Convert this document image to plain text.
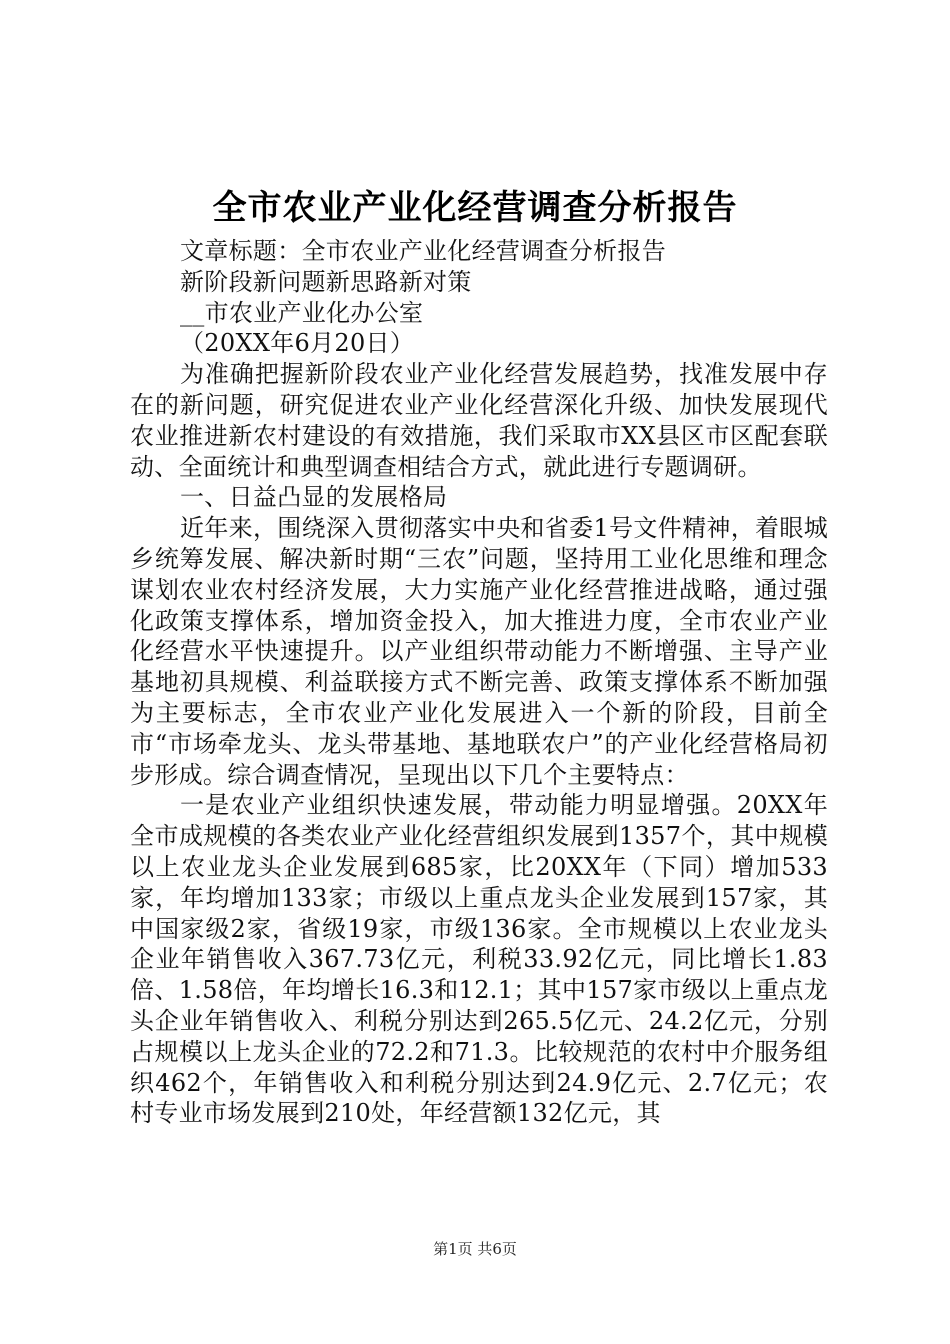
全市农业产业化经营调查分析报告

文章标题：全市农业产业化经营调查分析报告

新阶段新问题新思路新对策

__市农业产业化办公室

（20XX年6月20日）

为准确把握新阶段农业产业化经营发展趋势，找准发展中存在的新问题，研究促进农业产业化经营深化升级、加快发展现代农业推进新农村建设的有效措施，我们采取市XX县区市区配套联动、全面统计和典型调查相结合方式，就此进行专题调研。

一、日益凸显的发展格局

近年来，围绕深入贯彻落实中央和省委1号文件精神，着眼城乡统筹发展、解决新时期“三农”问题，坚持用工业化思维和理念谋划农业农村经济发展，大力实施产业化经营推进战略，通过强化政策支撑体系，增加资金投入，加大推进力度，全市农业产业化经营水平快速提升。以产业组织带动能力不断增强、主导产业基地初具规模、利益联接方式不断完善、政策支撑体系不断加强为主要标志，全市农业产业化发展进入一个新的阶段，目前全市“市场牵龙头、龙头带基地、基地联农户”的产业化经营格局初步形成。综合调查情况，呈现出以下几个主要特点：

一是农业产业组织快速发展，带动能力明显增强。20XX年全市成规模的各类农业产业化经营组织发展到1357个，其中规模以上农业龙头企业发展到685家，比20XX年（下同）增加533家，年均增加133家；市级以上重点龙头企业发展到157家，其中国家级2家，省级19家，市级136家。全市规模以上农业龙头企业年销售收入367.73亿元，利税33.92亿元，同比增长1.83倍、1.58倍，年均增长16.3和12.1；其中157家市级以上重点龙头企业年销售收入、利税分别达到265.5亿元、24.2亿元，分别占规模以上龙头企业的72.2和71.3。比较规范的农村中介服务组织462个，年销售收入和利税分别达到24.9亿元、2.7亿元；农村专业市场发展到210处，年经营额132亿元，其

第1页 共6页
